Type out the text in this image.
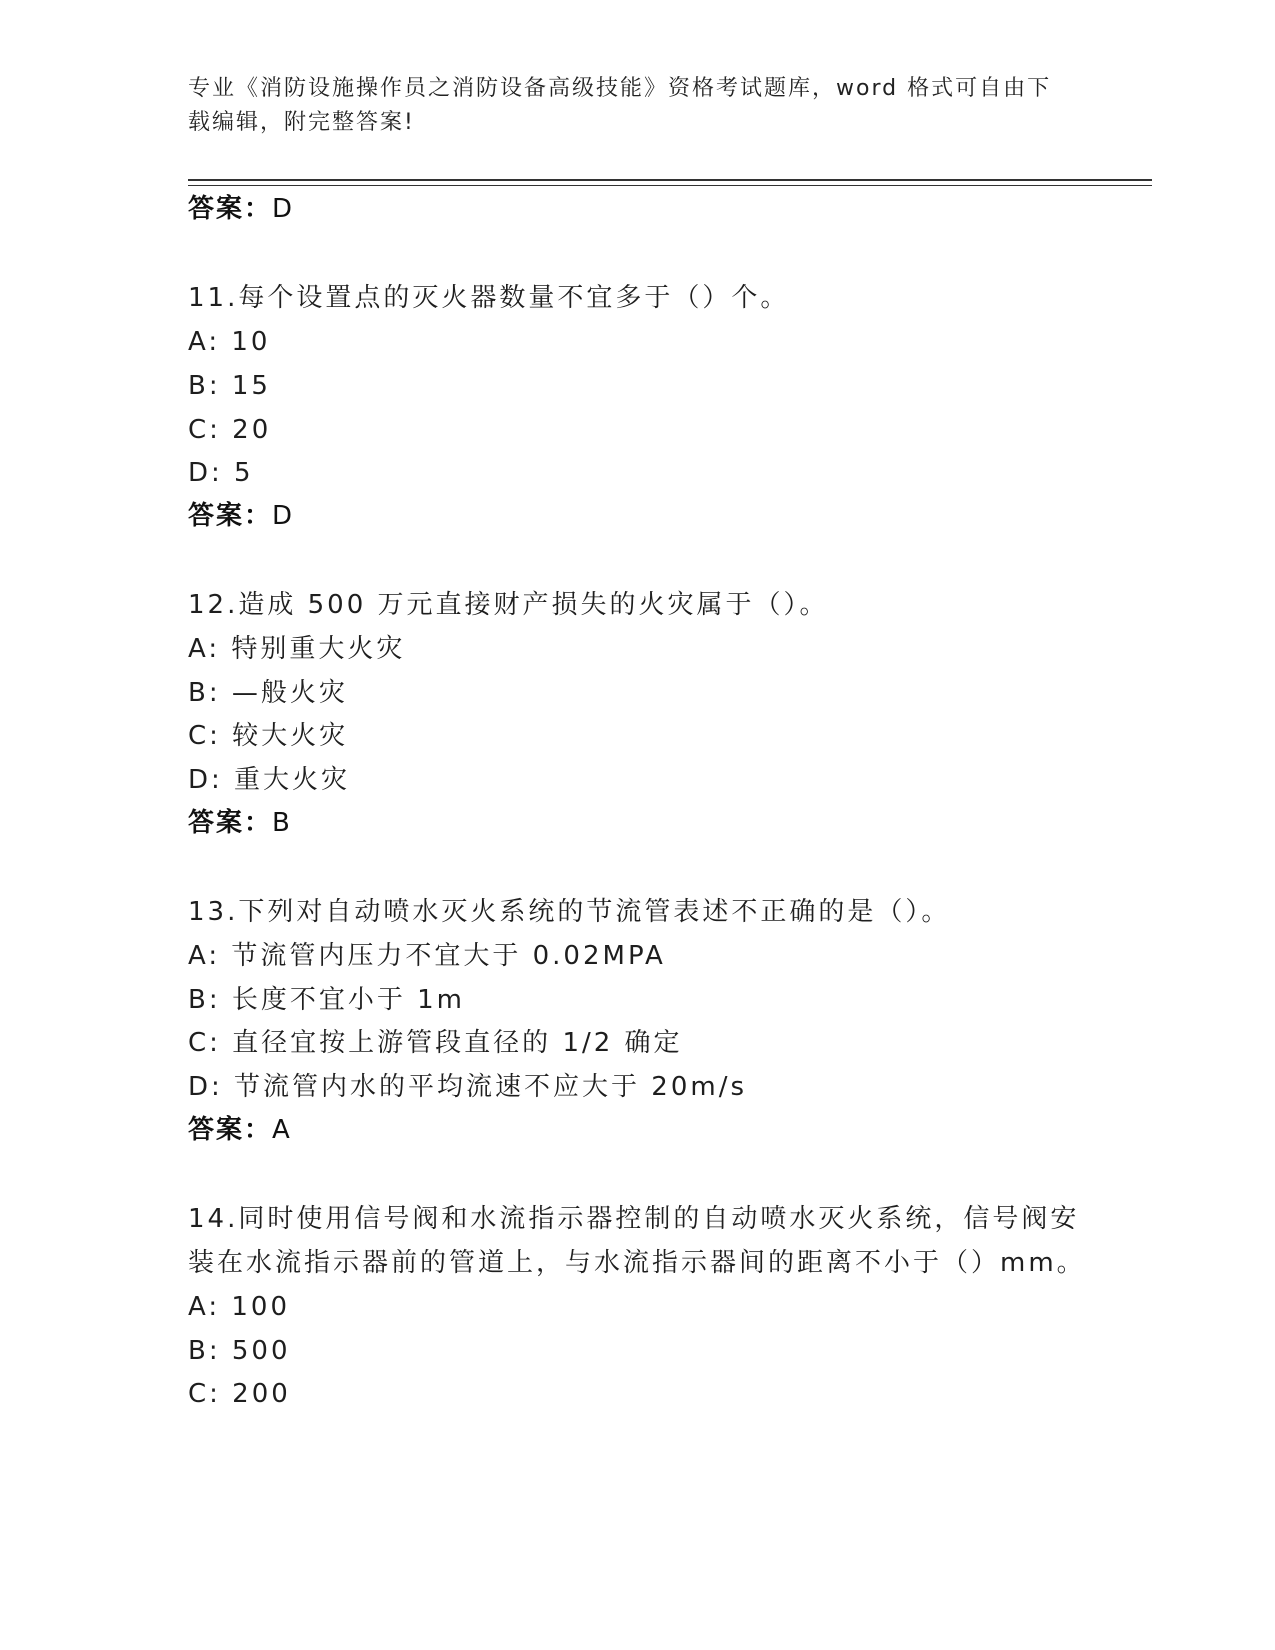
专业《消防设施操作员之消防设备高级技能》资格考试题库，word 格式可自由下
载编辑，附完整答案!
答案：D
11.每个设置点的灭火器数量不宜多于（）个。
A: 10
B: 15
C: 20
D: 5
答案：D
12.造成 500 万元直接财产损失的火灾属于（）。
A: 特别重大火灾
B: —般火灾
C: 较大火灾
D: 重大火灾
答案：B
13.下列对自动喷水灭火系统的节流管表述不正确的是（）。
A: 节流管内压力不宜大于 0.02MPA
B: 长度不宜小于 1m
C: 直径宜按上游管段直径的 1/2 确定
D: 节流管内水的平均流速不应大于 20m/s
答案：A
14.同时使用信号阀和水流指示器控制的自动喷水灭火系统，信号阀安
装在水流指示器前的管道上，与水流指示器间的距离不小于（）mm。
A: 100
B: 500
C: 200
